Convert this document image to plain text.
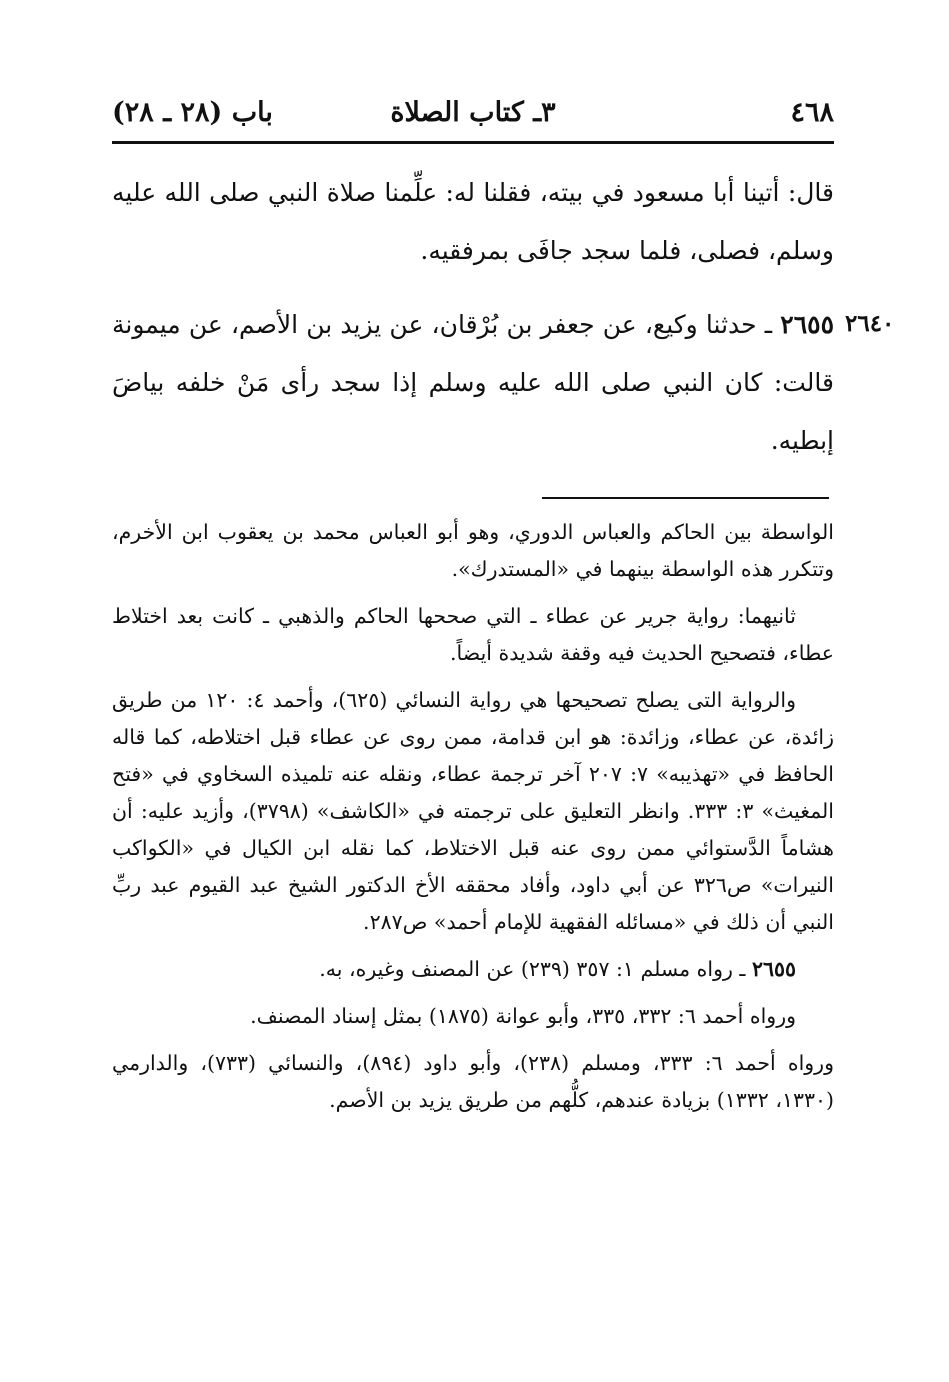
٤٦٨
٣ـ كتاب الصلاة
باب (٢٨ ـ ٢٨)

قال: أتينا أبا مسعود في بيته، فقلنا له: علِّمنا صلاة النبي صلى الله عليه وسلم، فصلى، فلما سجد جافَى بمرفقيه.

٢٦٤٠

٢٦٥٥ ـ حدثنا وكيع، عن جعفر بن بُرْقان، عن يزيد بن الأصم، عن ميمونة قالت: كان النبي صلى الله عليه وسلم إذا سجد رأى مَنْ خلفه بياضَ إبطيه.

الواسطة بين الحاكم والعباس الدوري، وهو أبو العباس محمد بن يعقوب ابن الأخرم، وتتكرر هذه الواسطة بينهما في «المستدرك».

ثانيهما: رواية جرير عن عطاء ـ التي صححها الحاكم والذهبي ـ كانت بعد اختلاط عطاء، فتصحيح الحديث فيه وقفة شديدة أيضاً.

والرواية التى يصلح تصحيحها هي رواية النسائي (٦٢٥)، وأحمد ٤: ١٢٠ من طريق زائدة، عن عطاء، وزائدة: هو ابن قدامة، ممن روى عن عطاء قبل اختلاطه، كما قاله الحافظ في «تهذيبه» ٧: ٢٠٧ آخر ترجمة عطاء، ونقله عنه تلميذه السخاوي في «فتح المغيث» ٣: ٣٣٣. وانظر التعليق على ترجمته في «الكاشف» (٣٧٩٨)، وأزيد عليه: أن هشاماً الدَّستوائي ممن روى عنه قبل الاختلاط، كما نقله ابن الكيال في «الكواكب النيرات» ص٣٢٦ عن أبي داود، وأفاد محققه الأخ الدكتور الشيخ عبد القيوم عبد ربِّ النبي أن ذلك في «مسائله الفقهية للإمام أحمد» ص٢٨٧.

٢٦٥٥ ـ رواه مسلم ١: ٣٥٧ (٢٣٩) عن المصنف وغيره، به.

ورواه أحمد ٦: ٣٣٢، ٣٣٥، وأبو عوانة (١٨٧٥) بمثل إسناد المصنف.

ورواه أحمد ٦: ٣٣٣، ومسلم (٢٣٨)، وأبو داود (٨٩٤)، والنسائي (٧٣٣)، والدارمي (١٣٣٠، ١٣٣٢) بزيادة عندهم، كلُّهم من طريق يزيد بن الأصم.
